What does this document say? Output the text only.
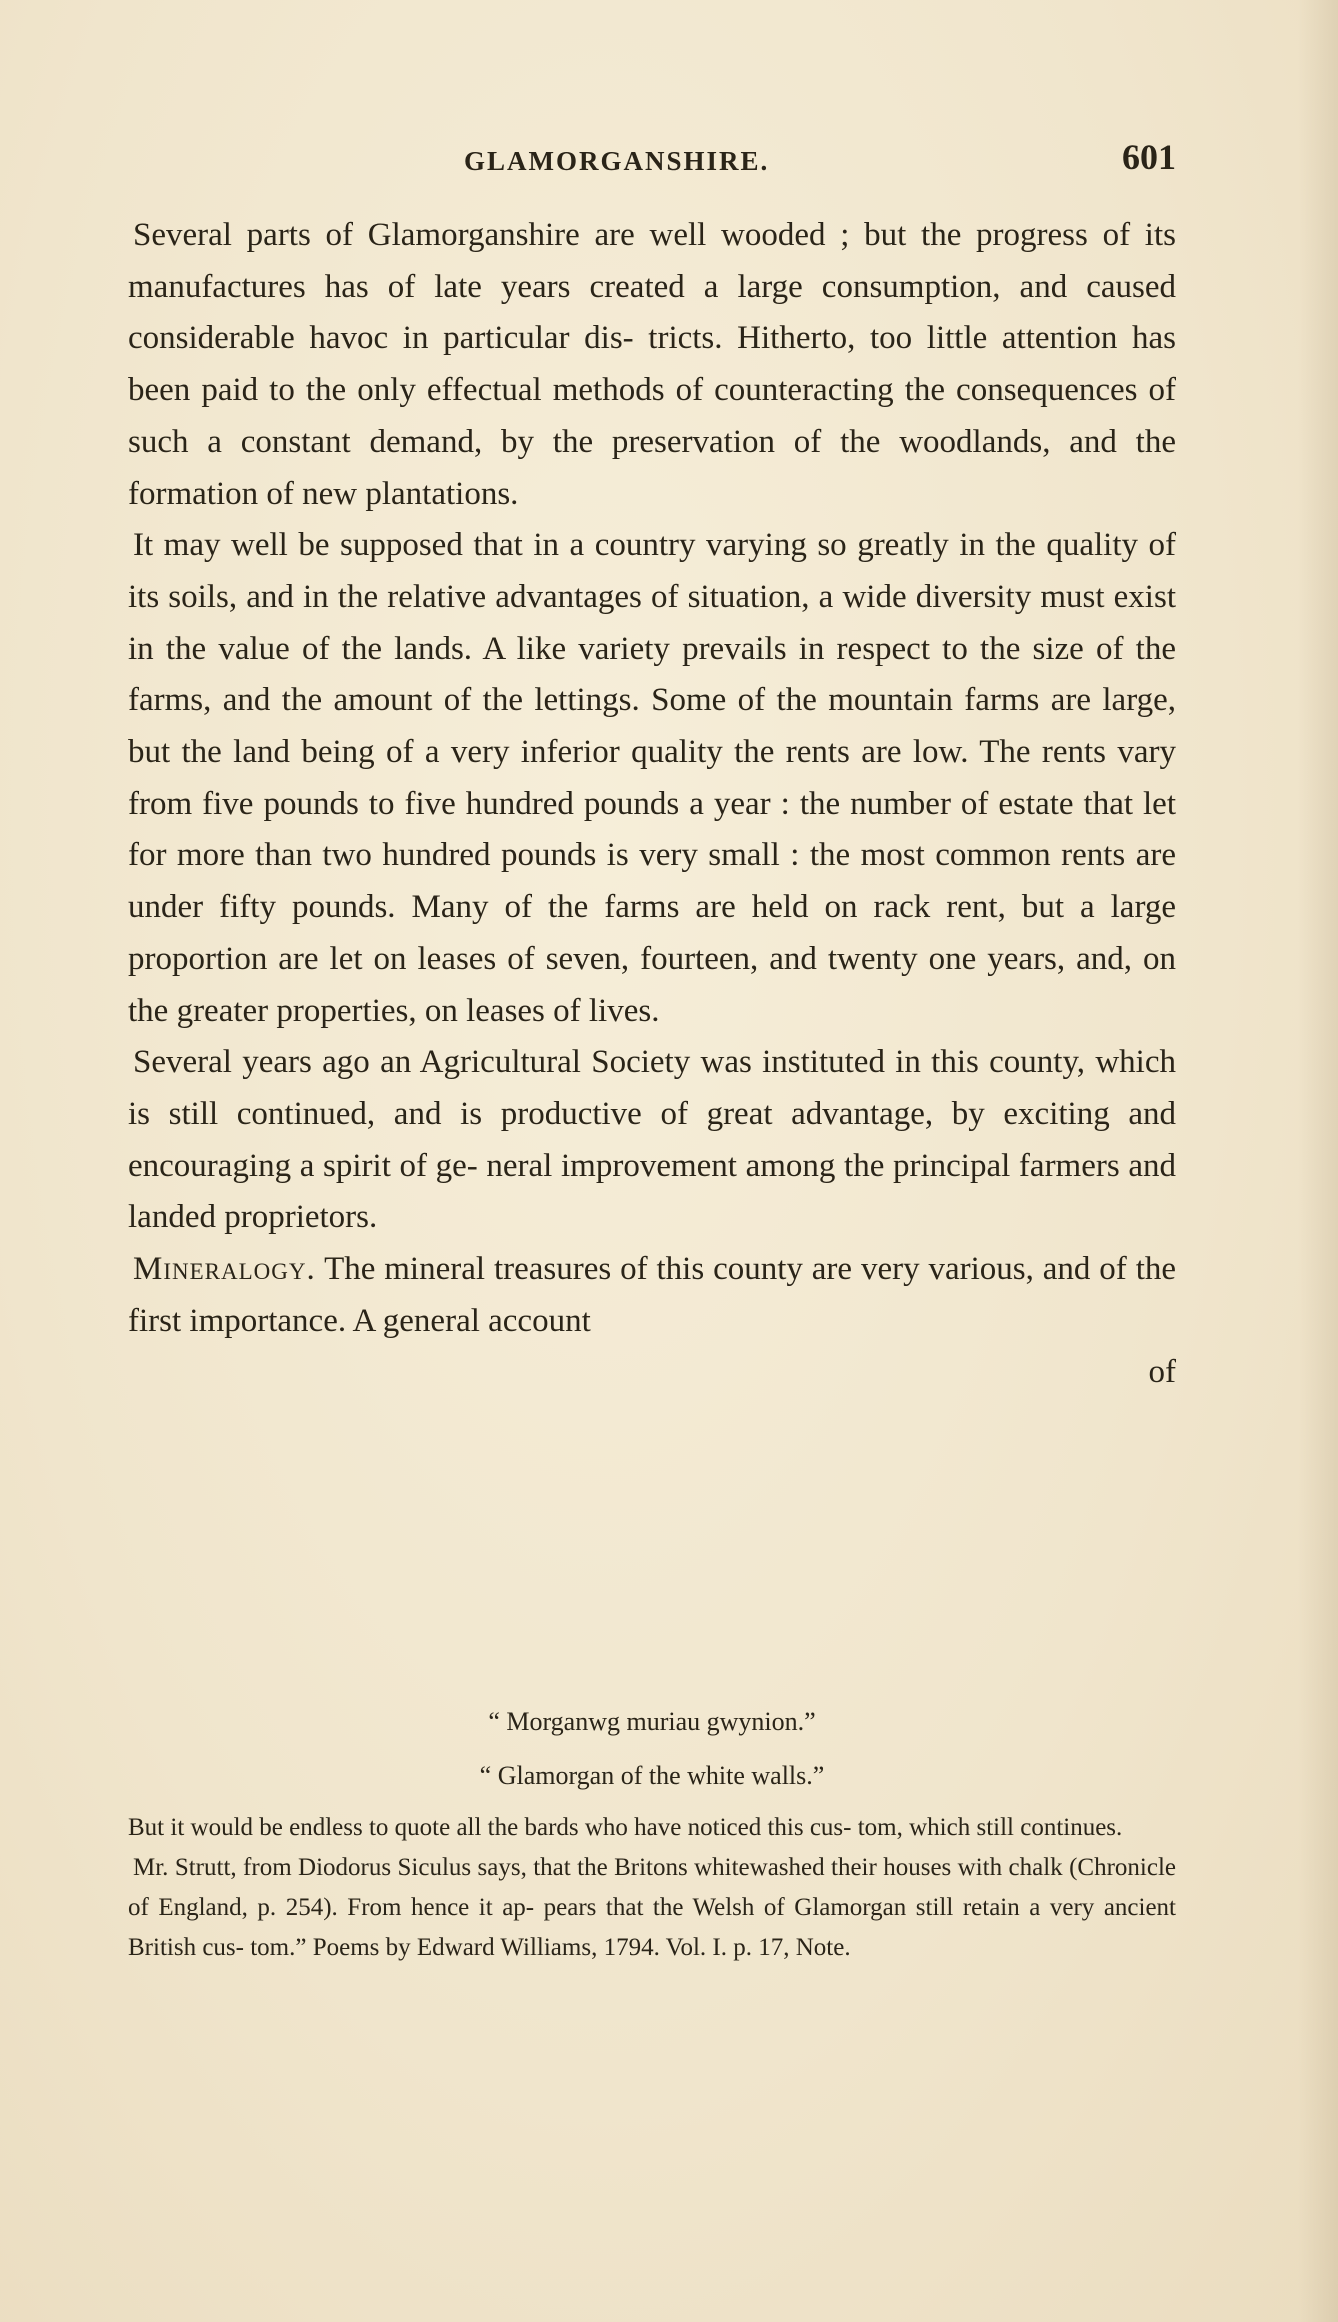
GLAMORGANSHIRE.	601

Several parts of Glamorganshire are well wooded ; but the progress of its manufactures has of late years created a large consumption, and caused considerable havoc in particular dis- tricts. Hitherto, too little attention has been paid to the only effectual methods of counteracting the consequences of such a constant demand, by the preservation of the woodlands, and the formation of new plantations.

It may well be supposed that in a country varying so greatly in the quality of its soils, and in the relative advantages of situation, a wide diversity must exist in the value of the lands. A like variety prevails in respect to the size of the farms, and the amount of the lettings. Some of the mountain farms are large, but the land being of a very inferior quality the rents are low. The rents vary from five pounds to five hundred pounds a year : the number of estate that let for more than two hundred pounds is very small : the most common rents are under fifty pounds. Many of the farms are held on rack rent, but a large proportion are let on leases of seven, fourteen, and twenty one years, and, on the greater properties, on leases of lives.

Several years ago an Agricultural Society was instituted in this county, which is still continued, and is productive of great advantage, by exciting and encouraging a spirit of ge- neral improvement among the principal farmers and landed proprietors.

Mineralogy. The mineral treasures of this county are very various, and of the first importance. A general account

of

“ Morganwg muriau gwynion.”

“ Glamorgan of the white walls.”

But it would be endless to quote all the bards who have noticed this cus- tom, which still continues.

Mr. Strutt, from Diodorus Siculus says, that the Britons whitewashed their houses with chalk (Chronicle of England, p. 254). From hence it ap- pears that the Welsh of Glamorgan still retain a very ancient British cus- tom.” Poems by Edward Williams, 1794. Vol. I. p. 17, Note.
